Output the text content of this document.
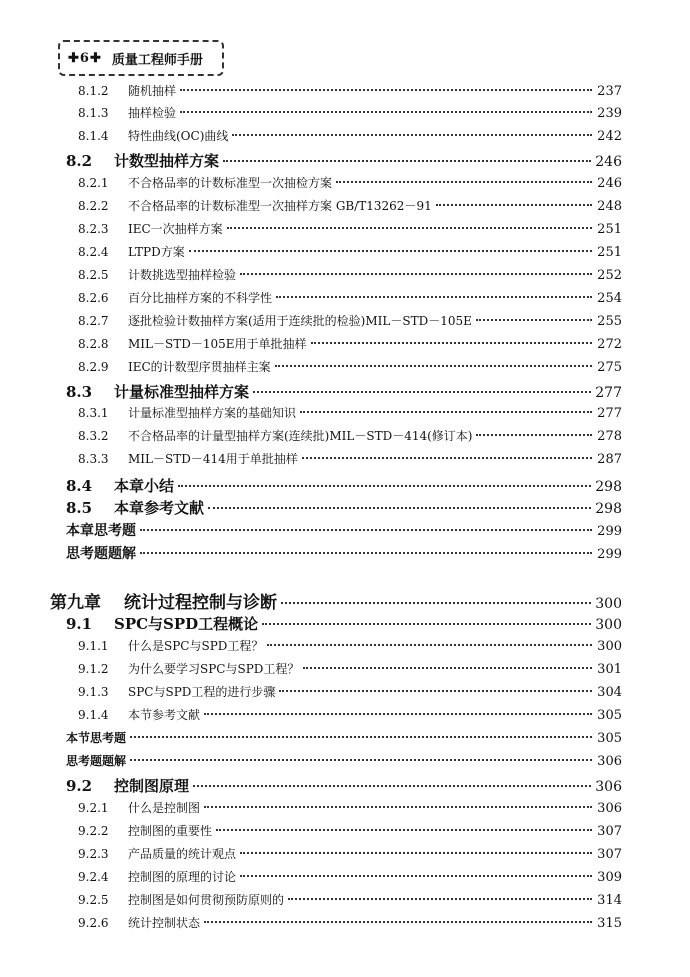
✚6✚ 质量工程师手册
8.1.2	随机抽样	237
8.1.3	抽样检验	239
8.1.4	特性曲线(OC)曲线	242
8.2	计数型抽样方案	246
8.2.1	不合格品率的计数标准型一次抽检方案	246
8.2.2	不合格品率的计数标准型一次抽样方案 GB/T13262－91	248
8.2.3	IEC一次抽样方案	251
8.2.4	LTPD方案	251
8.2.5	计数挑选型抽样检验	252
8.2.6	百分比抽样方案的不科学性	254
8.2.7	逐批检验计数抽样方案(适用于连续批的检验)MIL－STD－105E	255
8.2.8	MIL－STD－105E用于单批抽样	272
8.2.9	IEC的计数型序贯抽样主案	275
8.3	计量标准型抽样方案	277
8.3.1	计量标准型抽样方案的基础知识	277
8.3.2	不合格品率的计量型抽样方案(连续批)MIL－STD－414(修订本)	278
8.3.3	MIL－STD－414用于单批抽样	287
8.4	本章小结	298
8.5	本章参考文献	298
本章思考题	299
思考题题解	299
第九章	统计过程控制与诊断	300
9.1	SPC与SPD工程概论	300
9.1.1	什么是SPC与SPD工程？	300
9.1.2	为什么要学习SPC与SPD工程？	301
9.1.3	SPC与SPD工程的进行步骤	304
9.1.4	本节参考文献	305
本节思考题	305
思考题题解	306
9.2	控制图原理	306
9.2.1	什么是控制图	306
9.2.2	控制图的重要性	307
9.2.3	产品质量的统计观点	307
9.2.4	控制图的原理的讨论	309
9.2.5	控制图是如何贯彻预防原则的	314
9.2.6	统计控制状态	315
